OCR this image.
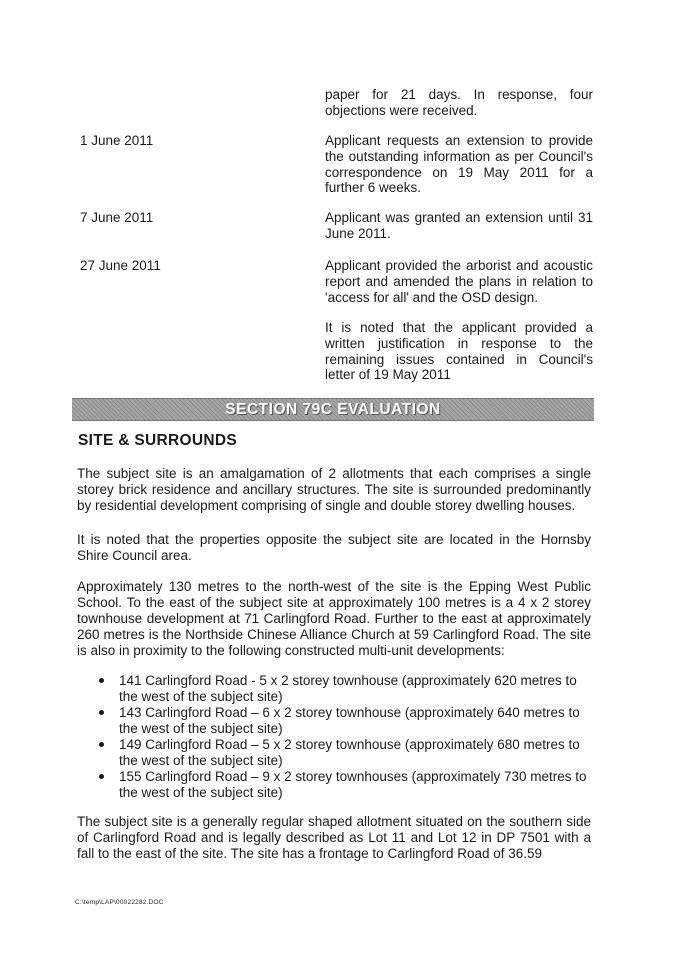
paper for 21 days. In response, four objections were received.
1 June 2011	Applicant requests an extension to provide the outstanding information as per Council's correspondence on 19 May 2011 for a further 6 weeks.
7 June 2011	Applicant was granted an extension until 31 June 2011.
27 June 2011	Applicant provided the arborist and acoustic report and amended the plans in relation to 'access for all' and the OSD design.
It is noted that the applicant provided a written justification in response to the remaining issues contained in Council's letter of 19 May 2011
SECTION 79C EVALUATION
SITE & SURROUNDS

The subject site is an amalgamation of 2 allotments that each comprises a single storey brick residence and ancillary structures. The site is surrounded predominantly by residential development comprising of single and double storey dwelling houses.

It is noted that the properties opposite the subject site are located in the Hornsby Shire Council area.

Approximately 130 metres to the north-west of the site is the Epping West Public School. To the east of the subject site at approximately 100 metres is a 4 x 2 storey townhouse development at 71 Carlingford Road. Further to the east at approximately 260 metres is the Northside Chinese Alliance Church at 59 Carlingford Road. The site is also in proximity to the following constructed multi-unit developments:

141 Carlingford Road - 5 x 2 storey townhouse (approximately 620 metres to the west of the subject site)
143 Carlingford Road – 6 x 2 storey townhouse (approximately 640 metres to the west of the subject site)
149 Carlingford Road – 5 x 2 storey townhouse (approximately 680 metres to the west of the subject site)
155 Carlingford Road – 9 x 2 storey townhouses (approximately 730 metres to the west of the subject site)

The subject site is a generally regular shaped allotment situated on the southern side of Carlingford Road and is legally described as Lot 11 and Lot 12 in DP 7501 with a fall to the east of the site. The site has a frontage to Carlingford Road of 36.59

C:\temp\LAP\00022282.DOC
